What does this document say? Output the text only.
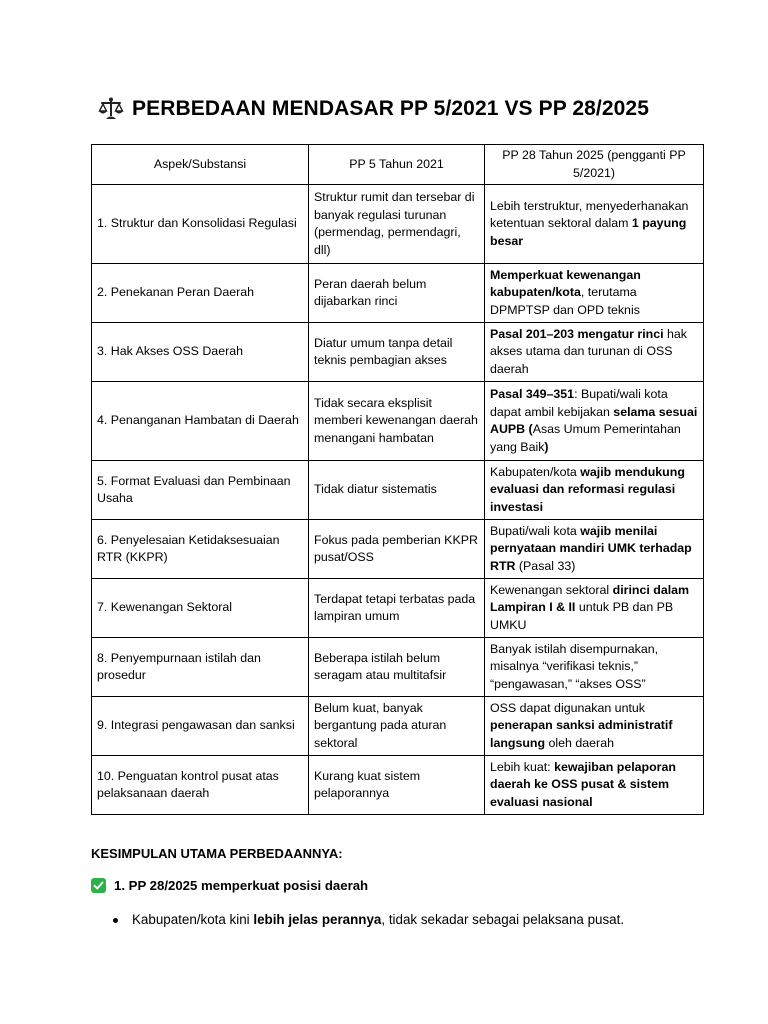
PERBEDAAN MENDASAR PP 5/2021 VS PP 28/2025
Aspek/Substansi	PP 5 Tahun 2021	PP 28 Tahun 2025 (pengganti PP 5/2021)
1. Struktur dan Konsolidasi Regulasi	Struktur rumit dan tersebar di banyak regulasi turunan (permendag, permendagri, dll)	Lebih terstruktur, menyederhanakan ketentuan sektoral dalam 1 payung besar
2. Penekanan Peran Daerah	Peran daerah belum dijabarkan rinci	Memperkuat kewenangan kabupaten/kota, terutama DPMPTSP dan OPD teknis
3. Hak Akses OSS Daerah	Diatur umum tanpa detail teknis pembagian akses	Pasal 201–203 mengatur rinci hak akses utama dan turunan di OSS daerah
4. Penanganan Hambatan di Daerah	Tidak secara eksplisit memberi kewenangan daerah menangani hambatan	Pasal 349–351: Bupati/wali kota dapat ambil kebijakan selama sesuai AUPB (Asas Umum Pemerintahan yang Baik)
5. Format Evaluasi dan Pembinaan Usaha	Tidak diatur sistematis	Kabupaten/kota wajib mendukung evaluasi dan reformasi regulasi investasi
6. Penyelesaian Ketidaksesuaian RTR (KKPR)	Fokus pada pemberian KKPR pusat/OSS	Bupati/wali kota wajib menilai pernyataan mandiri UMK terhadap RTR (Pasal 33)
7. Kewenangan Sektoral	Terdapat tetapi terbatas pada lampiran umum	Kewenangan sektoral dirinci dalam Lampiran I & II untuk PB dan PB UMKU
8. Penyempurnaan istilah dan prosedur	Beberapa istilah belum seragam atau multitafsir	Banyak istilah disempurnakan, misalnya “verifikasi teknis,” “pengawasan,” “akses OSS”
9. Integrasi pengawasan dan sanksi	Belum kuat, banyak bergantung pada aturan sektoral	OSS dapat digunakan untuk penerapan sanksi administratif langsung oleh daerah
10. Penguatan kontrol pusat atas pelaksanaan daerah	Kurang kuat sistem pelaporannya	Lebih kuat: kewajiban pelaporan daerah ke OSS pusat & sistem evaluasi nasional
KESIMPULAN UTAMA PERBEDAANNYA:
1. PP 28/2025 memperkuat posisi daerah
Kabupaten/kota kini lebih jelas perannya, tidak sekadar sebagai pelaksana pusat.
